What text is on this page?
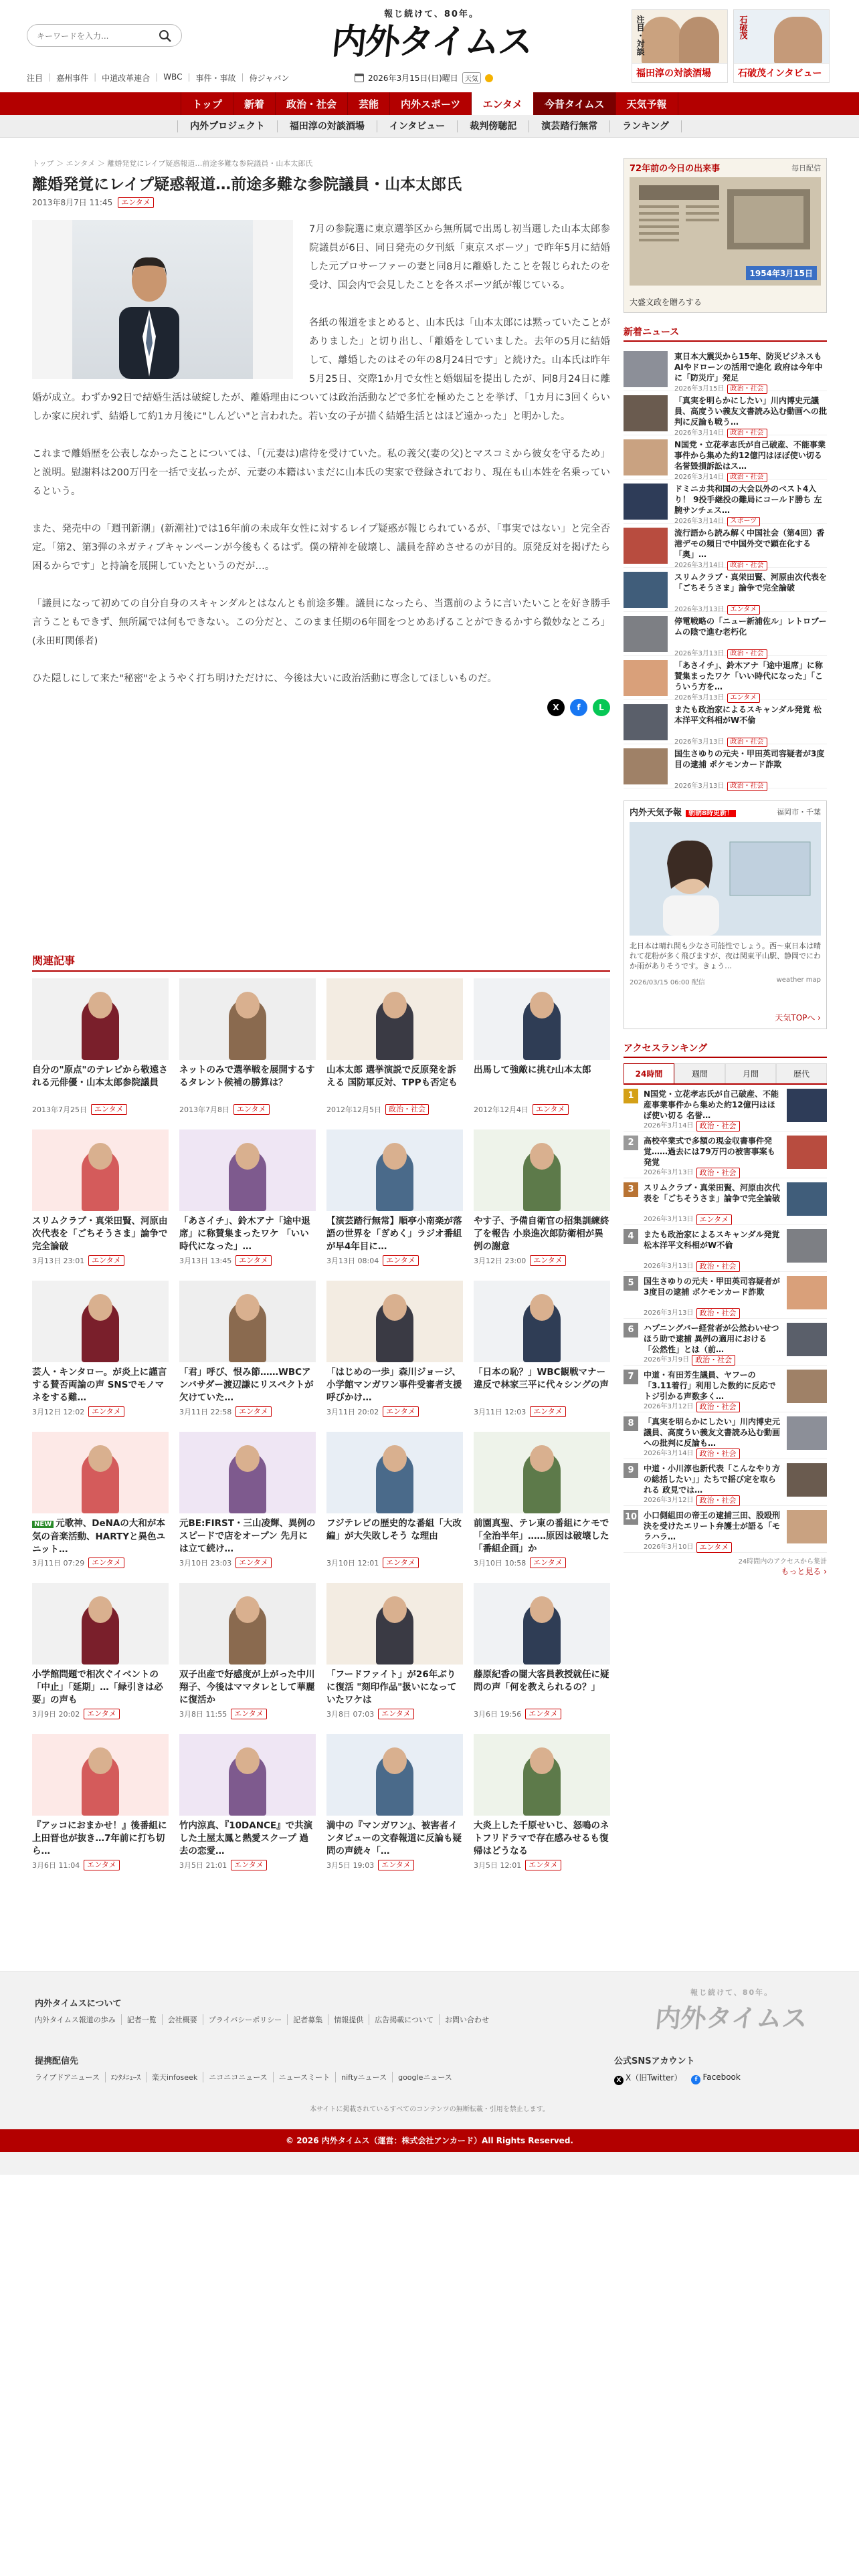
キーワードを入力...
注目 | 嘉州事件 | 中道改革連合 | WBC | 事件・事故 | 侍ジャパン
報じ続けて、80年。
内外タイムス
2026年3月15日(日)曜日	天気
注目・対談
福田淳の対談酒場
石破茂
石破茂インタビュー
トップ	新着	政治・社会	芸能	内外スポーツ	エンタメ	今昔タイムス	天気予報
内外プロジェクト	福田淳の対談酒場	インタビュー	裁判傍聴記	演芸踏行無常	ランキング
トップ ＞ エンタメ ＞ 離婚発覚にレイプ疑惑報道…前途多難な参院議員・山本太郎氏
離婚発覚にレイプ疑惑報道…前途多難な参院議員・山本太郎氏
2013年8月7日 11:45	エンタメ

7月の参院選に東京選挙区から無所属で出馬し初当選した山本太郎参院議員が6日、同日発売の夕刊紙「東京スポーツ」で昨年5月に結婚した元プロサーファーの妻と同8月に離婚したことを報じられたのを受け、国会内で会見したことを各スポーツ紙が報じている。

各紙の報道をまとめると、山本氏は「山本太郎には黙っていたことがありました」と切り出し、「離婚をしていました。去年の5月に結婚して、離婚したのはその年の8月24日です」と続けた。山本氏は昨年5月25日、交際1か月で女性と婚姻届を提出したが、同8月24日に離婚が成立。わずか92日で結婚生活は破綻したが、離婚理由については政治活動などで多忙を極めたことを挙げ、「1カ月に3回くらいしか家に戻れず、結婚して約1カ月後に"しんどい"と言われた。若い女の子が描く結婚生活とはほど遠かった」と明かした。

これまで離婚歴を公表しなかったことについては、「(元妻は)虐待を受けていた。私の義父(妻の父)とマスコミから彼女を守るため」と説明。慰謝料は200万円を一括で支払ったが、元妻の本籍はいまだに山本氏の実家で登録されており、現在も山本姓を名乗っているという。

また、発売中の「週刊新潮」(新潮社)では16年前の未成年女性に対するレイプ疑惑が報じられているが、「事実ではない」と完全否定。「第2、第3弾のネガティブキャンペーンが今後もくるはず。僕の精神を破壊し、議員を辞めさせるのが目的。原発反対を掲げたら困るからです」と持論を展開していたというのだが…。

「議員になって初めての自分自身のスキャンダルとはなんとも前途多難。議員になったら、当選前のように言いたいことを好き勝手言うこともできず、無所属では何もできない。この分だと、このまま任期の6年間をつとめあげることができるかすら微妙なところ」(永田町関係者)

ひた隠しにして来た"秘密"をようやく打ち明けただけに、今後は大いに政治活動に専念してほしいものだ。

X	f	L
関連記事
自分の"原点"のテレビから敬遠される元俳優・山本太郎参院議員
2013年7月25日	エンタメ
ネットのみで選挙戦を展開するするタレント候補の勝算は？
2013年7月8日	エンタメ
山本太郎 選挙演説で反原発を訴える 国防軍反対、TPPも否定も
2012年12月5日	政治・社会
出馬して強敵に挑む山本太郎
2012年12月4日	エンタメ
スリムクラブ・真栄田賢、河原由次代表を「ごちそうさま」論争で完全論破
3月13日 23:01	エンタメ
「あさイチ」、鈴木アナ「途中退席」に称賛集まったワケ 「いい時代になった」…
3月13日 13:45	エンタメ
【演芸踏行無常】順亭小南楽が落語の世界を「ぎめく」ラジオ番組が早4年目に…
3月13日 08:04	エンタメ
やす子、予備自衛官の招集訓練終了を報告 小泉進次郎防衛相が異例の謝意
3月12日 23:00	エンタメ
芸人・キンタロー。が炎上に謹言する賛否両論の声 SNSでモノマネをする難…
3月12日 12:02	エンタメ
「君」呼び、恨み節……WBCアンバサダー渡辺謙にリスペクトが欠けていた…
3月11日 22:58	エンタメ
「はじめの一歩」森川ジョージ、小学館マンガワン事件受審者支援呼びかけ…
3月11日 20:02	エンタメ
「日本の恥？」WBC観戦マナー違反で林家三平に代々シングの声
3月11日 12:03	エンタメ
NEW 元歌神、DeNAの大和が本気の音楽活動、HARTYと異色ユニット…
3月11日 07:29	エンタメ
元BE:FIRST・三山凌輝、異例のスピードで店をオープン 先月には立て続け…
3月10日 23:03	エンタメ
フジテレビの歴史的な番組「大改編」が大失敗しそう な理由
3月10日 12:01	エンタメ
前園真聖、テレ東の番組にケモで「全治半年」……原因は破壊した「番組企画」か
3月10日 10:58	エンタメ
小学館問題で相次ぐイベントの「中止」「延期」…「緑引きは必要」の声も
3月9日 20:02	エンタメ
双子出産で好感度が上がった中川翔子、今後はママタレとして華麗に復活か
3月8日 11:55	エンタメ
「フードファイト」が26年ぶりに復活 "刻印作品"扱いになっていたワケは
3月8日 07:03	エンタメ
藤原紀香の闇大客員教授就任に疑問の声「何を教えられるの？」
3月6日 19:56	エンタメ
『アッコにおまかせ！』後番組に上田晋也が抜き…7年前に打ち切ら…
3月6日 11:04	エンタメ
竹内涼真、『10DANCE』で共演した土屋太鳳と熱愛スクープ 過去の恋愛…
3月5日 21:01	エンタメ
満中の『マンガワン』、被害者インタビューの文春報道に反論も疑問の声続々「…
3月5日 19:03	エンタメ
大炎上した千原せいじ、怒鳴のネトフリドラマで存在感みせるも復帰はどうなる
3月5日 12:01	エンタメ
72年前の今日の出来事	毎日配信
1954年3月15日
大盛文政を贈ろする
新着ニュース
東日本大震災から15年、防災ビジネスもAIやドローンの活用で進化 政府は今年中に「防災庁」発足
2026年3月15日 政治・社会
「真実を明らかにしたい」川内博史元議員、高度うい義友文書読み込む動画への批判に反論も戦う…
2026年3月14日 政治・社会
N国党・立花孝志氏が自己破産、不能事業事件から集めた約12億円はほぼ使い切る 名誉毀損訴訟はス…
2026年3月14日 政治・社会
ドミニカ共和国の大会以外のベスト4入り！ 9投手継投の難局にコールド勝ち 左腕サンチェス…
2026年3月14日 スポーツ
流行語から読み解く中国社会（第4回）香港デモの頻日で中国外交で顕在化する「奥」…
2026年3月14日 政治・社会
スリムクラブ・真栄田賢、河原由次代表を「ごちそうさま」論争で完全論破
2026年3月13日 エンタメ
停電戦略の「ニュー新浦佐ル」レトロブームの陰で進む老朽化
2026年3月13日 政治・社会
「あさイチ」、鈴木アナ「途中退席」に称賛集まったワケ「いい時代になった」「こういう方を…
2026年3月13日 エンタメ
またも政治家によるスキャンダル発覚 松本洋平文科相がW不倫
2026年3月13日 政治・社会
国生さゆりの元夫・甲田英司容疑者が3度目の逮捕 ポケモンカード詐欺
2026年3月13日 政治・社会
内外天気予報 朝朝8時更新！	福岡市・千葉
北日本は晴れ間も少なさ可能性でしょう。西〜東日本は晴れて花粉が多く飛びますが、夜は関東平山駅、静岡でにわか雨がありそうです。きょう…
2026/03/15 06:00 配信	weather map
天気TOPへ ›
アクセスランキング
24時間	週間	月間	歴代
1	N国党・立花孝志氏が自己破産、不能産事業事件から集めた約12億円はほぼ使い切る 名誉…
2026年3月14日 政治・社会
2	高校卒業式で多額の現金収書事件発覚……過去には79万円の被害事案も発覚
2026年3月13日 政治・社会
3	スリムクラブ・真栄田賢、河原由次代表を「ごちそうさま」論争で完全論破
2026年3月13日 エンタメ
4	またも政治家によるスキャンダル発覚 松本洋平文科相がW不倫
2026年3月13日 政治・社会
5	国生さゆりの元夫・甲田英司容疑者が3度目の逮捕 ポケモンカード詐欺
2026年3月13日 政治・社会
6	ハプニングバー経営者が公然わいせつほう助で逮捕 異例の適用における「公然性」とは（前…
2026年3月9日 政治・社会
7	中道・有田芳生議員、ヤフーの「3.11着行」利用した数約に反応でトジ引かる声数多く…
2026年3月12日 政治・社会
8	「真実を明らかにしたい」川内博史元議員、高度うい義友文書読み込む動画への批判に反論も…
2026年3月14日 政治・社会
9	中道・小川淳也新代表「こんなやり方の総括したい」」たちで揺び定を取られる 政見では…
2026年3月12日 政治・社会
10 小口側組田の帝王の逮捕三田、股殴刑決を受けたエリート弁護士が語る「モラハラ…
2026年3月10日 エンタメ
24時間内のアクセスから集計
もっと見る ›
内外タイムスについて
内外タイムス報道の歩み	記者一覧	会社概要	プライバシーポリシー	記者募集	情報提供	広告掲載について	お問い合わせ
報じ続けて、80年。
内外タイムス
提携配信先
ライブドアニュース	ｴﾝﾀﾒﾆｭｰｽ	楽天infoseek	ニコニコニュース	ニュースミート	niftyニュース	googleニュース
公式SNSアカウント
X X（旧Twitter）	f Facebook
本サイトに掲載されているすべてのコンテンツの無断転載・引用を禁止します。
© 2026 内外タイムス（運営：株式会社アンカード）All Rights Reserved.
